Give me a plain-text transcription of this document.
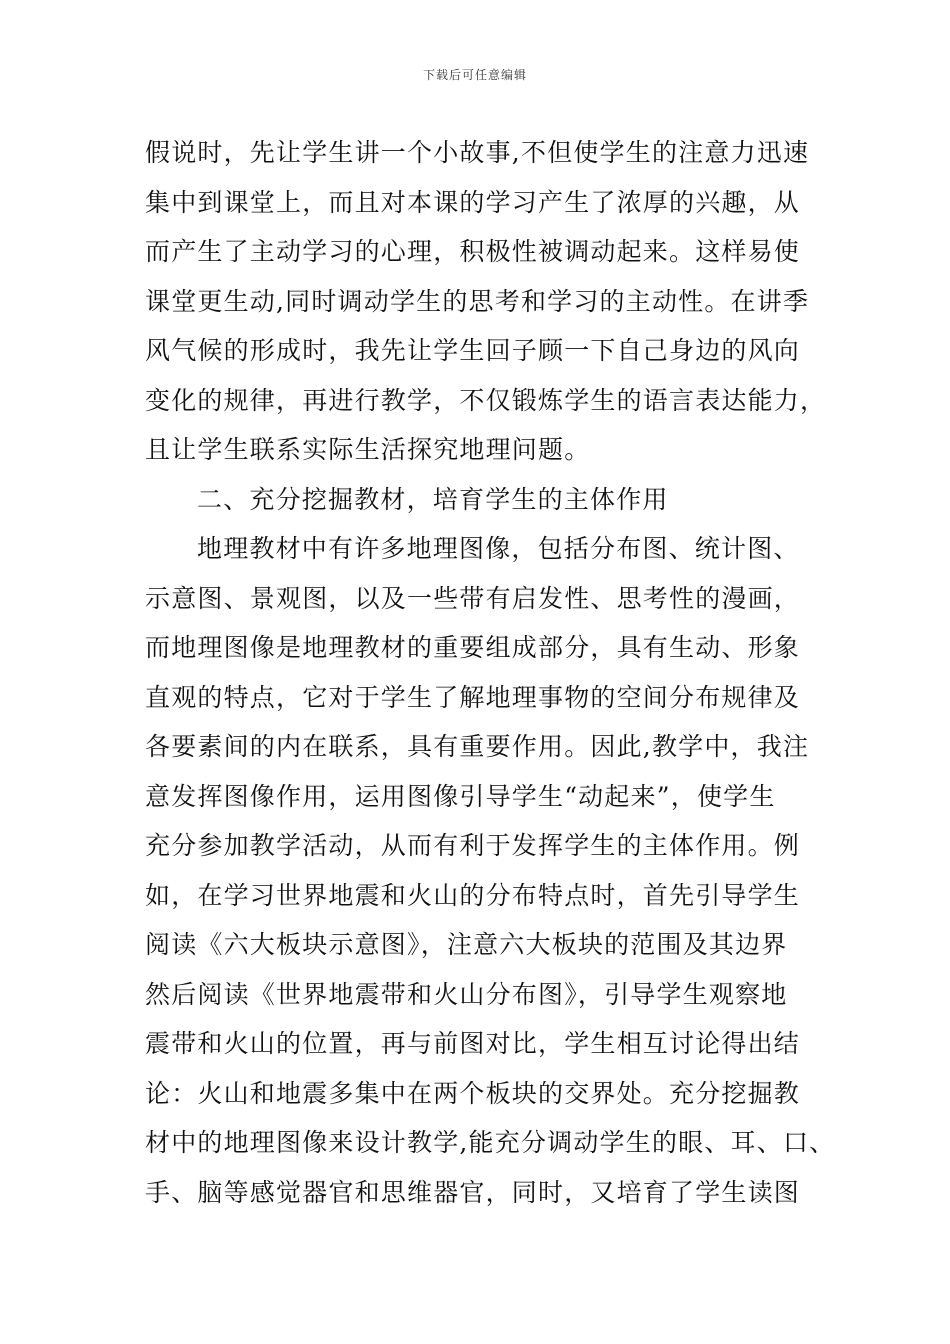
下载后可任意编辑
假说时，先让学生讲一个小故事,不但使学生的注意力迅速
集中到课堂上，而且对本课的学习产生了浓厚的兴趣，从
而产生了主动学习的心理，积极性被调动起来。这样易使
课堂更生动,同时调动学生的思考和学习的主动性。在讲季
风气候的形成时，我先让学生回子顾一下自己身边的风向
变化的规律，再进行教学，不仅锻炼学生的语言表达能力，
且让学生联系实际生活探究地理问题。
二、充分挖掘教材，培育学生的主体作用
地理教材中有许多地理图像，包括分布图、统计图、
示意图、景观图，以及一些带有启发性、思考性的漫画，
而地理图像是地理教材的重要组成部分，具有生动、形象
直观的特点，它对于学生了解地理事物的空间分布规律及
各要素间的内在联系，具有重要作用。因此,教学中，我注
意发挥图像作用，运用图像引导学生“动起来”，使学生
充分参加教学活动，从而有利于发挥学生的主体作用。例
如，在学习世界地震和火山的分布特点时，首先引导学生
阅读《六大板块示意图》，注意六大板块的范围及其边界
然后阅读《世界地震带和火山分布图》，引导学生观察地
震带和火山的位置，再与前图对比，学生相互讨论得出结
论：火山和地震多集中在两个板块的交界处。充分挖掘教
材中的地理图像来设计教学,能充分调动学生的眼、耳、口、
手、脑等感觉器官和思维器官，同时，又培育了学生读图
